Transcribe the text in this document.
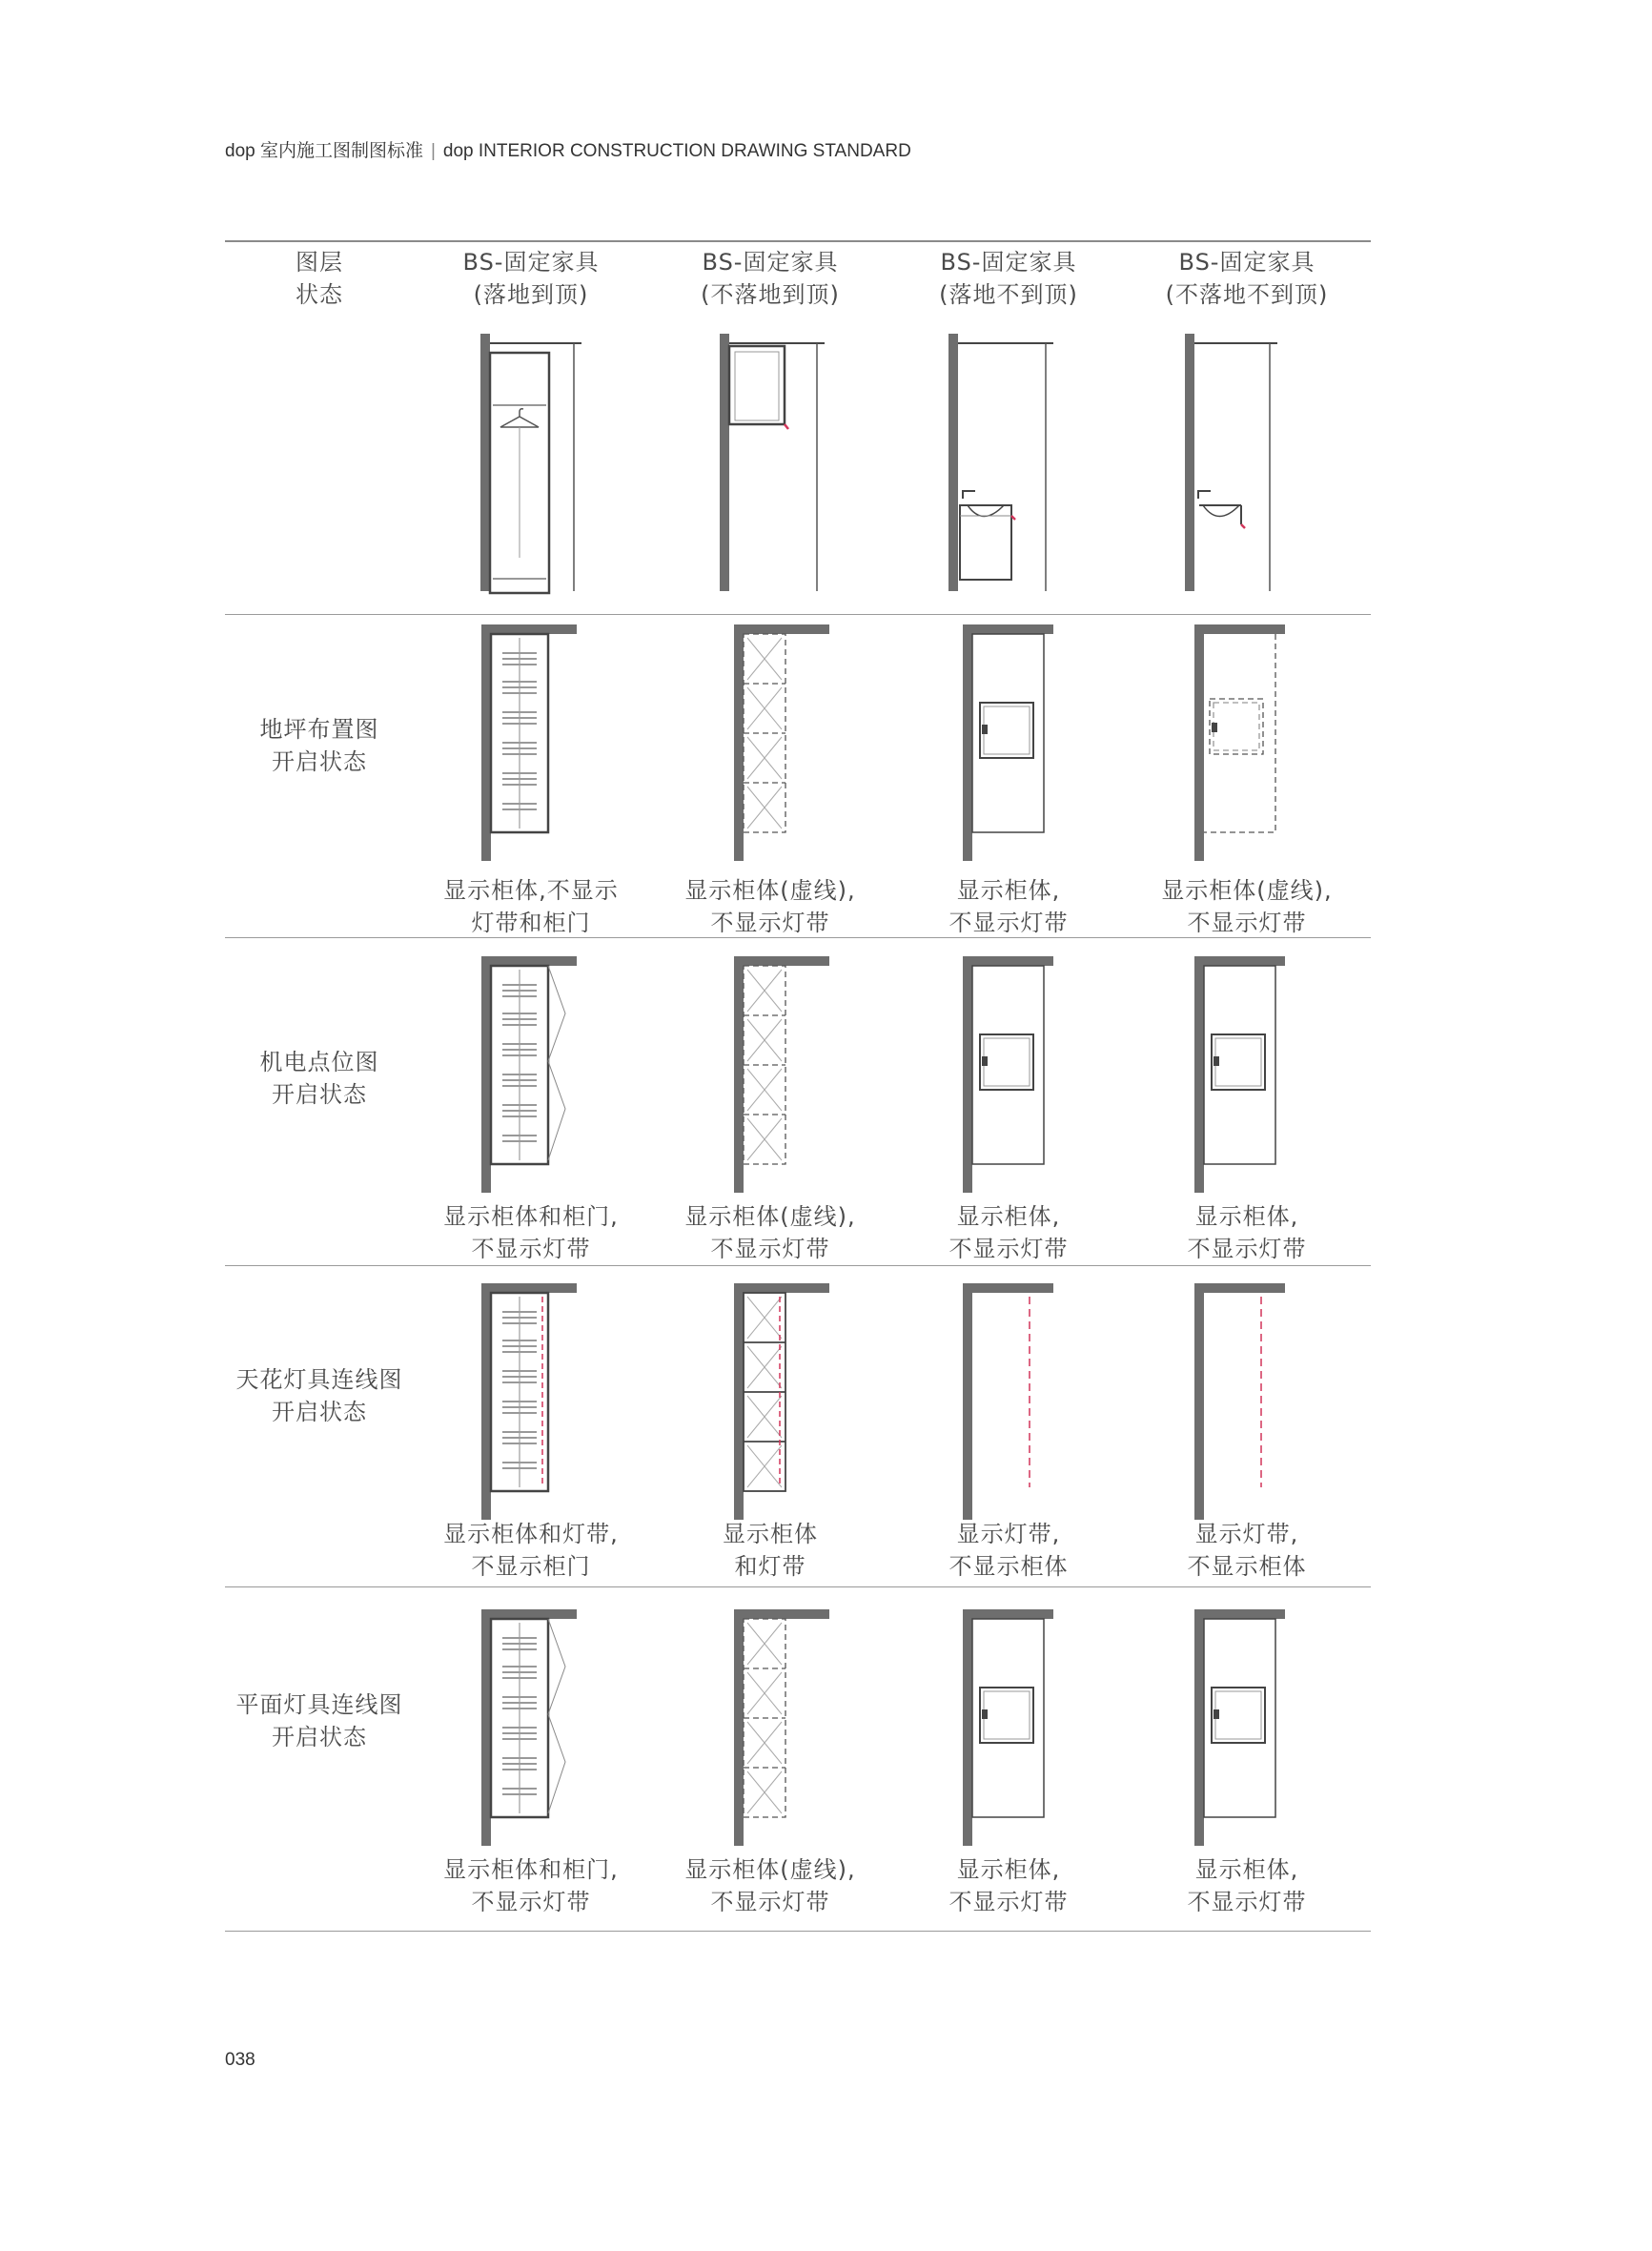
dop 室内施工图制图标准 | dop INTERIOR CONSTRUCTION DRAWING STANDARD
图层
状态
BS-固定家具
(落地到顶)
BS-固定家具
(不落地到顶)
BS-固定家具
(落地不到顶)
BS-固定家具
(不落地不到顶)
地坪布置图
开启状态
机电点位图
开启状态
天花灯具连线图
开启状态
平面灯具连线图
开启状态
显示柜体,不显示
灯带和柜门
显示柜体(虚线),
不显示灯带
显示柜体,
不显示灯带
显示柜体(虚线),
不显示灯带
显示柜体和柜门,
不显示灯带
显示柜体(虚线),
不显示灯带
显示柜体,
不显示灯带
显示柜体,
不显示灯带
显示柜体和灯带,
不显示柜门
显示柜体
和灯带
显示灯带,
不显示柜体
显示灯带,
不显示柜体
显示柜体和柜门,
不显示灯带
显示柜体(虚线),
不显示灯带
显示柜体,
不显示灯带
显示柜体,
不显示灯带
038
